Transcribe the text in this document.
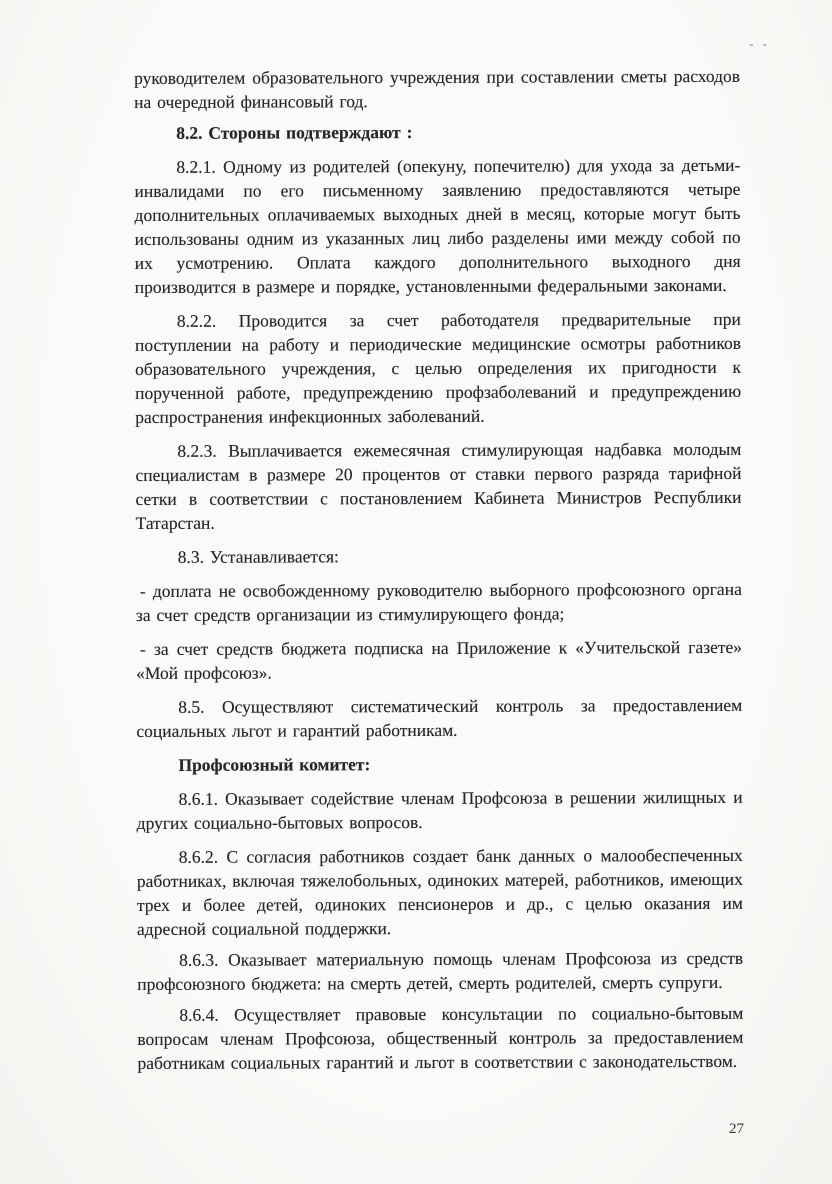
- -

руководителем образовательного учреждения при составлении сметы расходов на очередной финансовый год.

8.2. Стороны подтверждают :

8.2.1. Одному из родителей (опекуну, попечителю) для ухода за детьми- инвалидами по его письменному заявлению предоставляются четыре дополнительных оплачиваемых выходных дней в месяц, которые могут быть использованы одним из указанных лиц либо разделены ими между собой по их усмотрению. Оплата каждого дополнительного выходного дня производится в размере и порядке, установленными федеральными законами.

8.2.2. Проводится за счет работодателя предварительные при поступлении на работу и периодические медицинские осмотры работников образовательного учреждения, с целью определения их пригодности к порученной работе, предупреждению профзаболеваний и предупреждению распространения инфекционных заболеваний.

8.2.3. Выплачивается ежемесячная стимулирующая надбавка молодым специалистам в размере 20 процентов от ставки первого разряда тарифной сетки в соответствии с постановлением Кабинета Министров Республики Татарстан.

8.3. Устанавливается:

- доплата не освобожденному руководителю выборного профсоюзного органа за счет средств организации из стимулирующего фонда;

- за счет средств бюджета подписка на Приложение к «Учительской газете» «Мой профсоюз».

8.5. Осуществляют систематический контроль за предоставлением социальных льгот и гарантий работникам.

Профсоюзный комитет:

8.6.1. Оказывает содействие членам Профсоюза в решении жилищных и других социально-бытовых вопросов.

8.6.2. С согласия работников создает банк данных о малообеспеченных работниках, включая тяжелобольных, одиноких матерей, работников, имеющих трех и более детей, одиноких пенсионеров и др., с целью оказания им адресной социальной поддержки.

8.6.3. Оказывает материальную помощь членам Профсоюза из средств профсоюзного бюджета: на смерть детей, смерть родителей, смерть супруги.

8.6.4. Осуществляет правовые консультации по социально-бытовым вопросам членам Профсоюза, общественный контроль за предоставлением работникам социальных гарантий и льгот в соответствии с законодательством.

27
